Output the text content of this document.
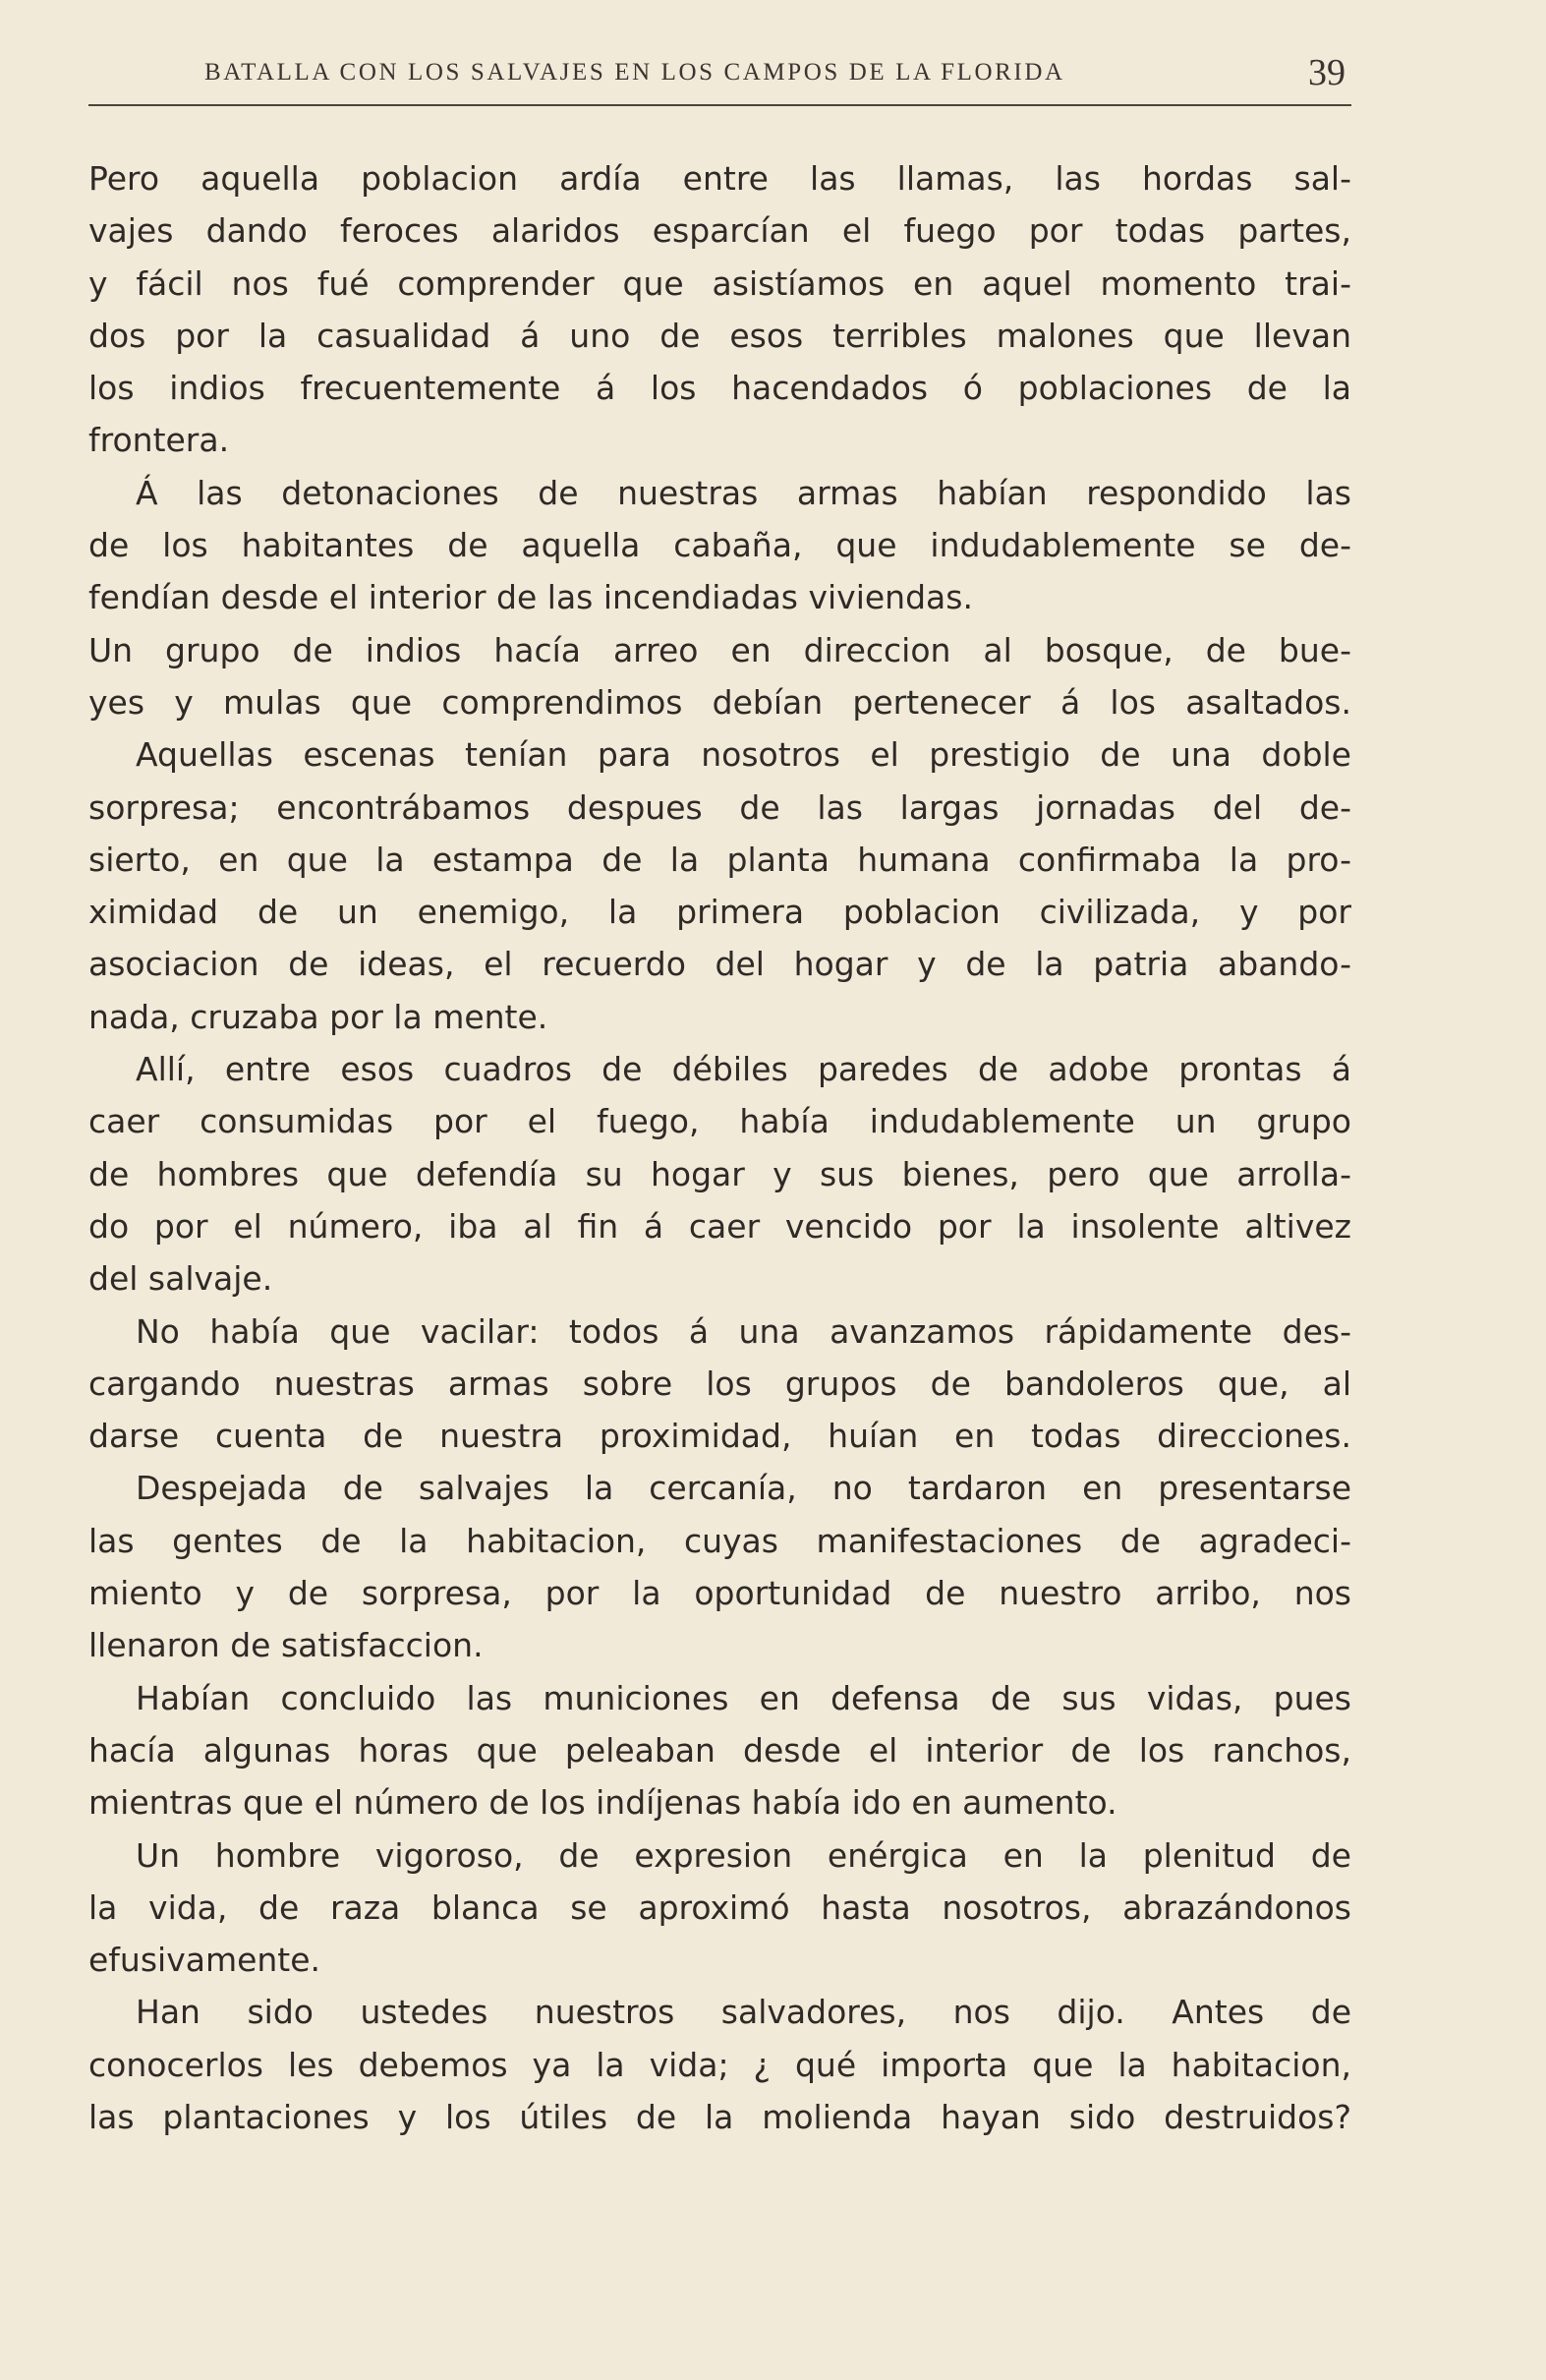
BATALLA CON LOS SALVAJES EN LOS CAMPOS DE LA FLORIDA	39
Pero aquella poblacion ardía entre las llamas, las hordas sal-
vajes dando feroces alaridos esparcían el fuego por todas partes,
y fácil nos fué comprender que asistíamos en aquel momento trai-
dos por la casualidad á uno de esos terribles malones que llevan
los indios frecuentemente á los hacendados ó poblaciones de la
frontera.
Á las detonaciones de nuestras armas habían respondido las
de los habitantes de aquella cabaña, que indudablemente se de-
fendían desde el interior de las incendiadas viviendas.
Un grupo de indios hacía arreo en direccion al bosque, de bue-
yes y mulas que comprendimos debían pertenecer á los asaltados.
Aquellas escenas tenían para nosotros el prestigio de una doble
sorpresa; encontrábamos despues de las largas jornadas del de-
sierto, en que la estampa de la planta humana confirmaba la pro-
ximidad de un enemigo, la primera poblacion civilizada, y por
asociacion de ideas, el recuerdo del hogar y de la patria abando-
nada, cruzaba por la mente.
Allí, entre esos cuadros de débiles paredes de adobe prontas á
caer consumidas por el fuego, había indudablemente un grupo
de hombres que defendía su hogar y sus bienes, pero que arrolla-
do por el número, iba al fin á caer vencido por la insolente altivez
del salvaje.
No había que vacilar: todos á una avanzamos rápidamente des-
cargando nuestras armas sobre los grupos de bandoleros que, al
darse cuenta de nuestra proximidad, huían en todas direcciones.
Despejada de salvajes la cercanía, no tardaron en presentarse
las gentes de la habitacion, cuyas manifestaciones de agradeci-
miento y de sorpresa, por la oportunidad de nuestro arribo, nos
llenaron de satisfaccion.
Habían concluido las municiones en defensa de sus vidas, pues
hacía algunas horas que peleaban desde el interior de los ranchos,
mientras que el número de los indíjenas había ido en aumento.
Un hombre vigoroso, de expresion enérgica en la plenitud de
la vida, de raza blanca se aproximó hasta nosotros, abrazándonos
efusivamente.
Han sido ustedes nuestros salvadores, nos dijo. Antes de
conocerlos les debemos ya la vida; ¿ qué importa que la habitacion,
las plantaciones y los útiles de la molienda hayan sido destruidos?
